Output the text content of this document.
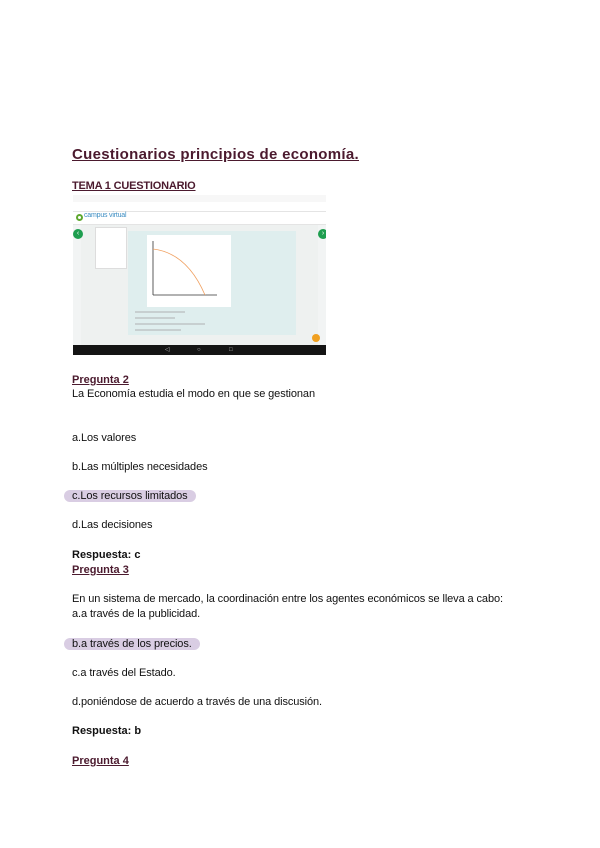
Cuestionarios principios de economía.
TEMA 1 CUESTIONARIO
campus virtual
‹	›
◁	○	□
Pregunta 2
La Economía estudia el modo en que se gestionan
a.Los valores
b.Las múltiples necesidades
c.Los recursos limitados
d.Las decisiones
Respuesta: c
Pregunta 3
En un sistema de mercado, la coordinación entre los agentes económicos se lleva a cabo:
a.a través de la publicidad.
b.a través de los precios.
c.a través del Estado.
d.poniéndose de acuerdo a través de una discusión.
Respuesta: b
Pregunta 4
